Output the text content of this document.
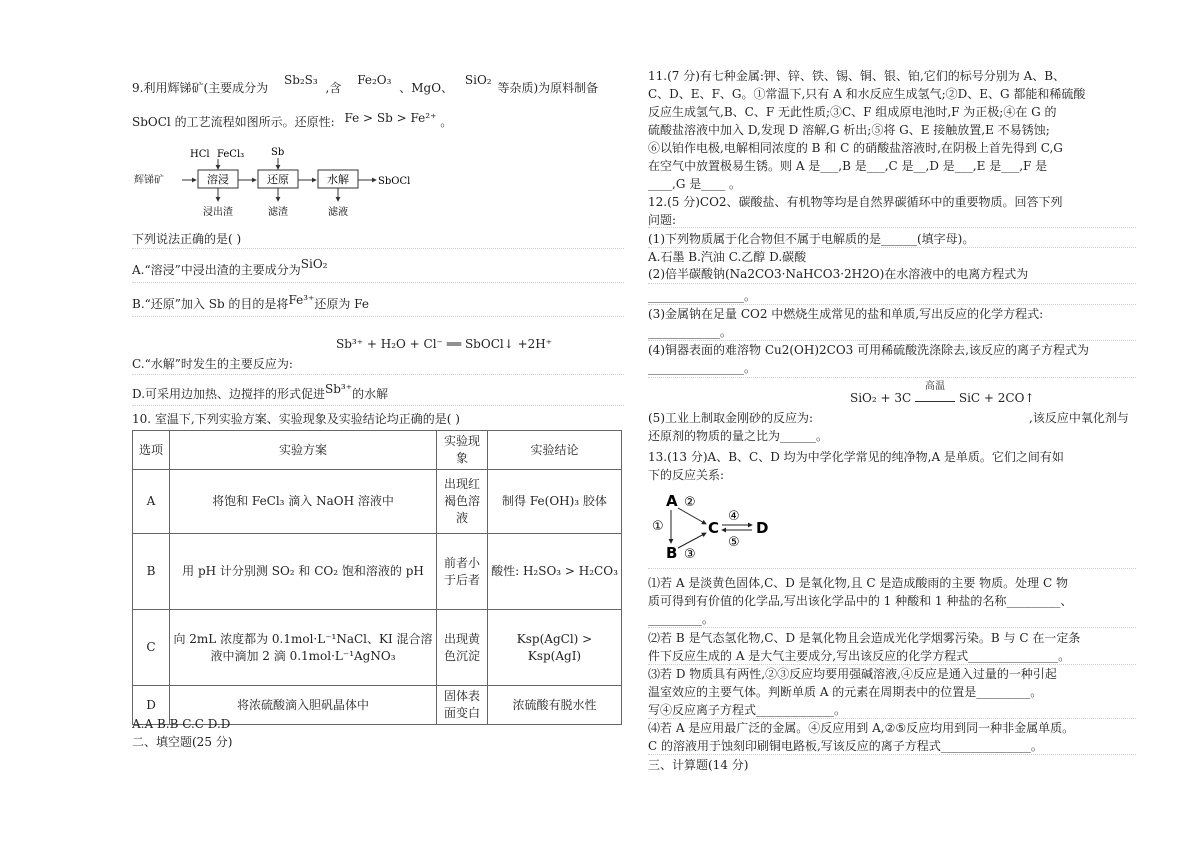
9.利用辉锑矿(主要成分为 Sb₂S₃ ,含 Fe₂O₃ 、MgO、 SiO₂ 等杂质)为原料制备
SbOCl 的工艺流程如图所示。还原性: Fe > Sb > Fe²⁺ 。
辉锑矿	溶浸	还原	水解	SbOCl
HCl FeCl₃	Sb
浸出渣	滤渣	滤液
下列说法正确的是( )
A.“溶浸”中浸出渣的主要成分为SiO₂
B.“还原”加入 Sb 的目的是将Fe³⁺还原为 Fe
Sb³⁺ + H₂O + Cl⁻ ══ SbOCl↓ +2H⁺
C.“水解”时发生的主要反应为:
D.可采用边加热、边搅拌的形式促进Sb³⁺的水解
10. 室温下,下列实验方案、实验现象及实验结论均正确的是( )
选项	实验方案	实验现象	实验结论
A	将饱和 FeCl₃ 滴入 NaOH 溶液中	出现红褐色溶液	制得 Fe(OH)₃ 胶体
B	用 pH 计分别测 SO₂ 和 CO₂ 饱和溶液的 pH	前者小于后者	酸性: H₂SO₃ > H₂CO₃
C	向 2mL 浓度都为 0.1mol·L⁻¹NaCl、KI 混合溶液中滴加 2 滴 0.1mol·L⁻¹AgNO₃	出现黄色沉淀	Ksp(AgCl) > Ksp(AgI)
D	将浓硫酸滴入胆矾晶体中	固体表面变白	浓硫酸有脱水性
A.A B.B C.C D.D
二、填空题(25 分)
11.(7 分)有七种金属:钾、锌、铁、锡、铜、银、铂,它们的标号分别为 A、B、
C、D、E、F、G。①常温下,只有 A 和水反应生成氢气;②D、E、G 都能和稀硫酸
反应生成氢气,B、C、F 无此性质;③C、F 组成原电池时,F 为正极;④在 G 的
硫酸盐溶液中加入 D,发现 D 溶解,G 析出;⑤将 G、E 接触放置,E 不易锈蚀;
⑥以铂作电极,电解相同浓度的 B 和 C 的硝酸盐溶液时,在阴极上首先得到 C,G
在空气中放置极易生锈。则 A 是___,B 是___,C 是__,D 是___,E 是___,F 是
____,G 是____ 。
12.(5 分)CO2、碳酸盐、有机物等均是自然界碳循环中的重要物质。回答下列
问题:
(1)下列物质属于化合物但不属于电解质的是______(填字母)。
A.石墨 B.汽油 C.乙醇 D.碳酸
(2)倍半碳酸钠(Na2CO3·NaHCO3·2H2O)在水溶液中的电离方程式为
________________。
(3)金属钠在足量 CO2 中燃烧生成常见的盐和单质,写出反应的化学方程式:
____________。
(4)铜器表面的难溶物 Cu2(OH)2CO3 可用稀硫酸洗涤除去,该反应的离子方程式为
________________。
SiO₂ + 3C
高温
SiC + 2CO↑
(5)工业上制取金刚砂的反应为:	,该反应中氧化剂与
还原剂的物质的量之比为______。
13.(13 分)A、B、C、D 均为中学化学常见的纯净物,A 是单质。它们之间有如
下的反应关系:
A
B
C D
①
②
③
④
⑤
⑴若 A 是淡黄色固体,C、D 是氧化物,且 C 是造成酸雨的主要 物质。处理 C 物
质可得到有价值的化学品,写出该化学品中的 1 种酸和 1 种盐的名称_________、
_________。
⑵若 B 是气态氢化物,C、D 是氧化物且会造成光化学烟雾污染。B 与 C 在一定条
件下反应生成的 A 是大气主要成分,写出该反应的化学方程式_______________。
⑶若 D 物质具有两性,②③反应均要用强碱溶液,④反应是通入过量的一种引起
温室效应的主要气体。判断单质 A 的元素在周期表中的位置是_________。
写④反应离子方程式_____________。
⑷若 A 是应用最广泛的金属。④反应用到 A,②⑤反应均用到同一种非金属单质。
C 的溶液用于蚀刻印刷铜电路板,写该反应的离子方程式_______________。
三、计算题(14 分)
